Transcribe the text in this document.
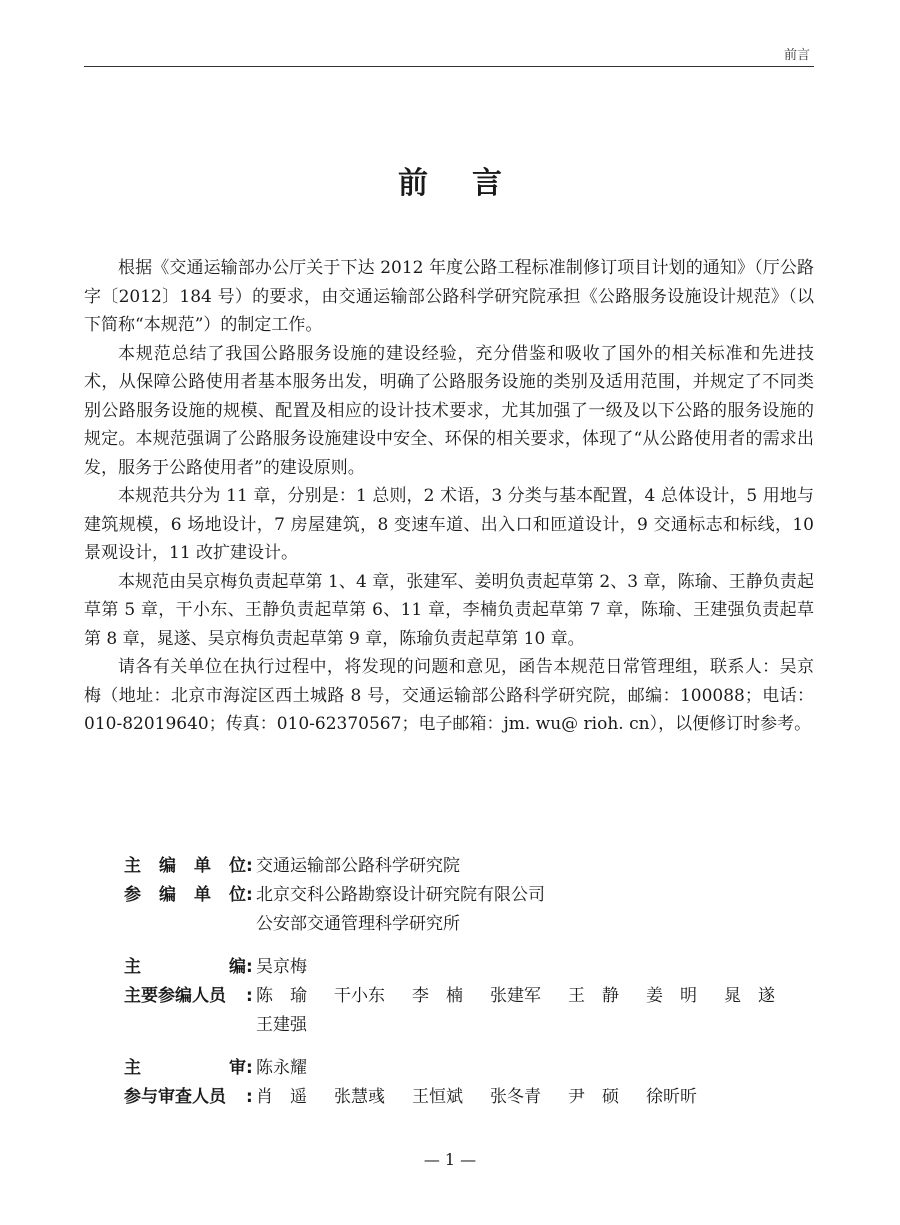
前言
前言

根据《交通运输部办公厅关于下达 2012 年度公路工程标准制修订项目计划的通知》（厅公路字〔2012〕184 号）的要求，由交通运输部公路科学研究院承担《公路服务设施设计规范》（以下简称“本规范”）的制定工作。

本规范总结了我国公路服务设施的建设经验，充分借鉴和吸收了国外的相关标准和先进技术，从保障公路使用者基本服务出发，明确了公路服务设施的类别及适用范围，并规定了不同类别公路服务设施的规模、配置及相应的设计技术要求，尤其加强了一级及以下公路的服务设施的规定。本规范强调了公路服务设施建设中安全、环保的相关要求，体现了“从公路使用者的需求出发，服务于公路使用者”的建设原则。

本规范共分为 11 章，分别是：1 总则，2 术语，3 分类与基本配置，4 总体设计，5 用地与建筑规模，6 场地设计，7 房屋建筑，8 变速车道、出入口和匝道设计，9 交通标志和标线，10 景观设计，11 改扩建设计。

本规范由吴京梅负责起草第 1、4 章，张建军、姜明负责起草第 2、3 章，陈瑜、王静负责起草第 5 章，干小东、王静负责起草第 6、11 章，李楠负责起草第 7 章，陈瑜、王建强负责起草第 8 章，晁遂、吴京梅负责起草第 9 章，陈瑜负责起草第 10 章。

请各有关单位在执行过程中，将发现的问题和意见，函告本规范日常管理组，联系人：吴京梅（地址：北京市海淀区西土城路 8 号，交通运输部公路科学研究院，邮编：100088；电话：010-82019640；传真：010-62370567；电子邮箱：jm. wu@ rioh. cn），以便修订时参考。

主 编 单 位 : 交通运输部公路科学研究院
参 编 单 位 : 北京交科公路勘察设计研究院有限公司
公安部交通管理科学研究所
主	编 : 吴京梅
主要参编人员	: 陈　瑜	干小东	李　楠	张建军	王　静	姜　明	晁　遂
王建强
主	审 : 陈永耀
参与审查人员	: 肖　遥	张慧彧	王恒斌	张冬青	尹　硕	徐昕昕
— 1 —
